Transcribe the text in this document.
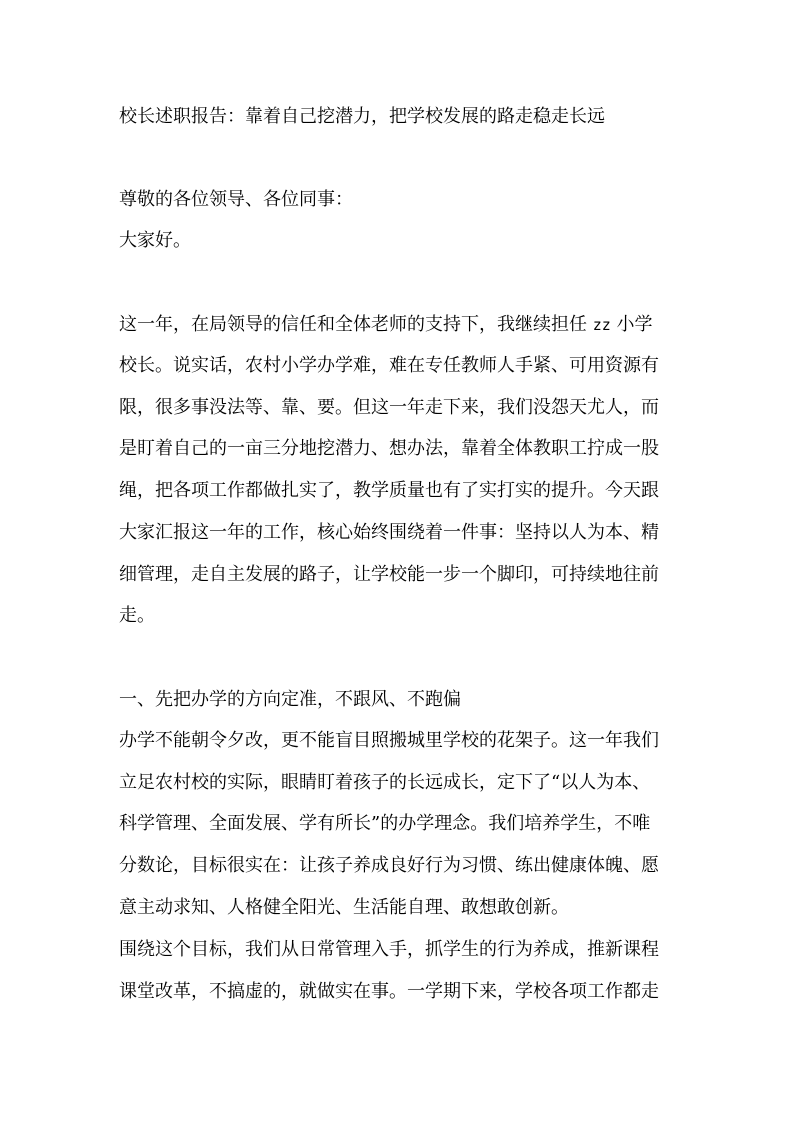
校长述职报告：靠着自己挖潜力，把学校发展的路走稳走长远

尊敬的各位领导、各位同事：

大家好。

这一年，在局领导的信任和全体老师的支持下，我继续担任 zz 小学

校长。说实话，农村小学办学难，难在专任教师人手紧、可用资源有

限，很多事没法等、靠、要。但这一年走下来，我们没怨天尤人，而

是盯着自己的一亩三分地挖潜力、想办法，靠着全体教职工拧成一股

绳，把各项工作都做扎实了，教学质量也有了实打实的提升。今天跟

大家汇报这一年的工作，核心始终围绕着一件事：坚持以人为本、精

细管理，走自主发展的路子，让学校能一步一个脚印，可持续地往前

走。

一、先把办学的方向定准，不跟风、不跑偏

办学不能朝令夕改，更不能盲目照搬城里学校的花架子。这一年我们

立足农村校的实际，眼睛盯着孩子的长远成长，定下了“以人为本、

科学管理、全面发展、学有所长”的办学理念。我们培养学生，不唯

分数论，目标很实在：让孩子养成良好行为习惯、练出健康体魄、愿

意主动求知、人格健全阳光、生活能自理、敢想敢创新。

围绕这个目标，我们从日常管理入手，抓学生的行为养成，推新课程

课堂改革，不搞虚的，就做实在事。一学期下来，学校各项工作都走
